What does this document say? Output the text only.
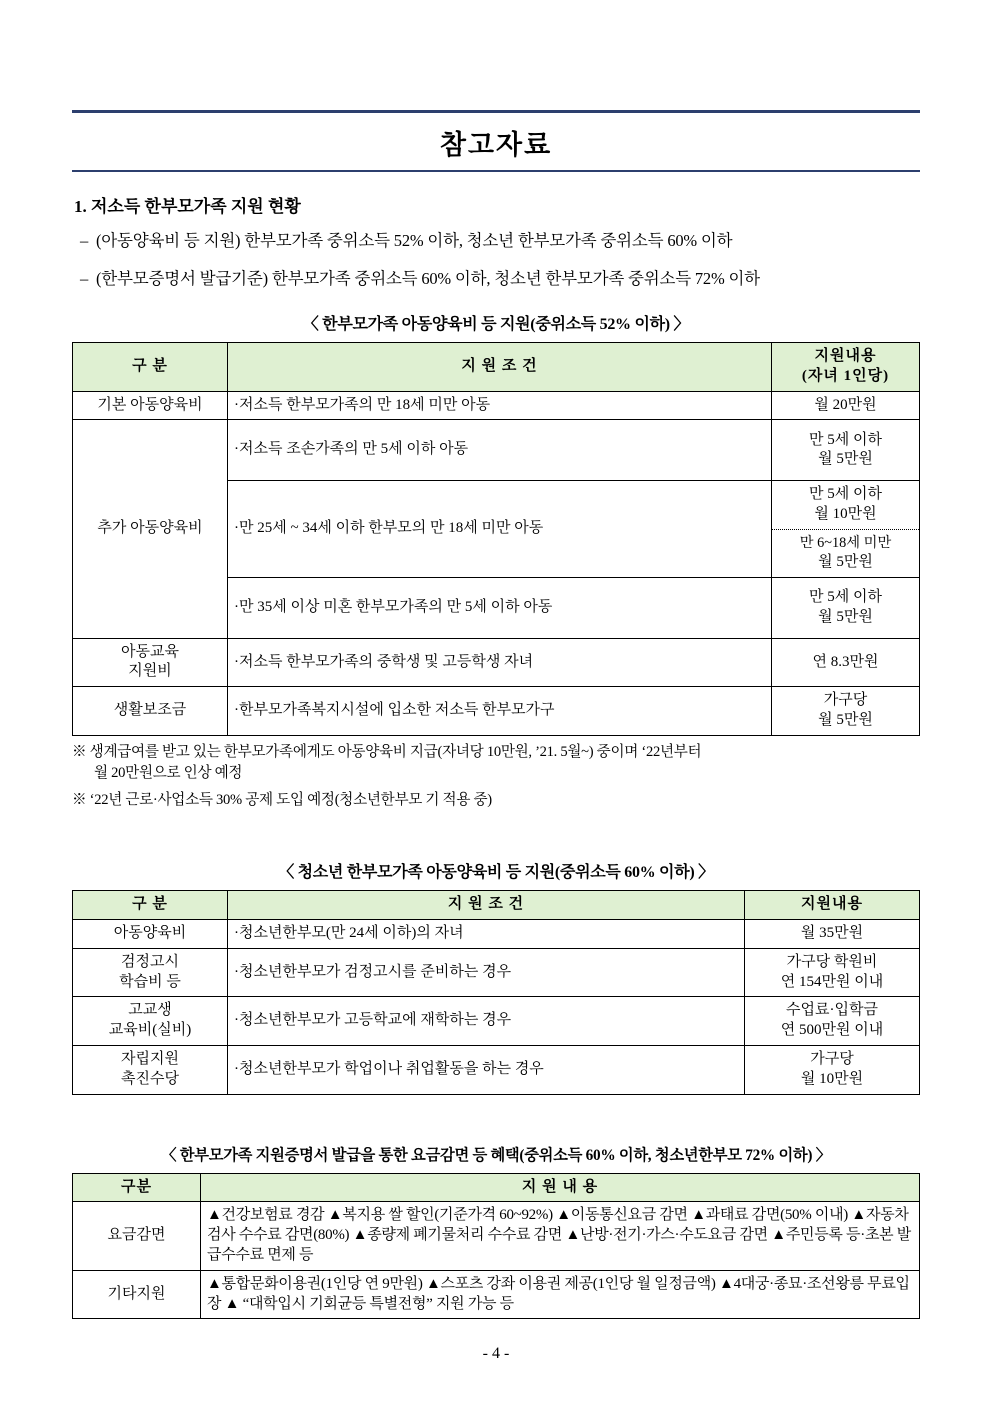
참고자료
1. 저소득 한부모가족 지원 현황
– (아동양육비 등 지원) 한부모가족 중위소득 52% 이하, 청소년 한부모가족 중위소득 60% 이하
– (한부모증명서 발급기준) 한부모가족 중위소득 60% 이하, 청소년 한부모가족 중위소득 72% 이하
〈 한부모가족 아동양육비 등 지원(중위소득 52% 이하) 〉
구 분	지 원 조 건	지원내용
(자녀 1인당)

기본 아동양육비	·저소득 한부모가족의 만 18세 미만 아동	월 20만원
추가 아동양육비	·저소득 조손가족의 만 5세 이하 아동	만 5세 이하
월 5만원

	·만 25세 ~ 34세 이하 한부모의 만 18세 미만 아동	만 5세 이하
월 10만원

		만 6~18세 미만
월 5만원

	·만 35세 이상 미혼 한부모가족의 만 5세 이하 아동	만 5세 이하
월 5만원

아동교육
지원비	·저소득 한부모가족의 중학생 및 고등학생 자녀	연 8.3만원
생활보조금	·한부모가족복지시설에 입소한 저소득 한부모가구	가구당
월 5만원
※ 생계급여를 받고 있는 한부모가족에게도 아동양육비 지급(자녀당 10만원, ’21. 5월~) 중이며 ‘22년부터
월 20만원으로 인상 예정
※ ‘22년 근로·사업소득 30% 공제 도입 예정(청소년한부모 기 적용 중)
〈 청소년 한부모가족 아동양육비 등 지원(중위소득 60% 이하) 〉
구 분	지 원 조 건	지원내용

아동양육비	·청소년한부모(만 24세 이하)의 자녀	월 35만원

검정고시
학습비 등
	·청소년한부모가 검정고시를 준비하는 경우	
가구당 학원비
연 154만원 이내

고교생
교육비(실비)
	·청소년한부모가 고등학교에 재학하는 경우	
수업료·입학금
연 500만원 이내

자립지원
촉진수당
	·청소년한부모가 학업이나 취업활동을 하는 경우	
가구당
월 10만원
〈 한부모가족 지원증명서 발급을 통한 요금감면 등 혜택(중위소득 60% 이하, 청소년한부모 72% 이하) 〉
구분	지 원 내 용
요금감면	▲건강보험료 경감 ▲복지용 쌀 할인(기준가격 60~92%) ▲이동통신요금 감면 ▲과태료 감면(50% 이내) ▲자동차검사 수수료 감면(80%) ▲종량제 폐기물처리 수수료 감면 ▲난방·전기·가스·수도요금 감면 ▲주민등록 등·초본 발급수수료 면제 등
기타지원	▲통합문화이용권(1인당 연 9만원) ▲스포츠 강좌 이용권 제공(1인당 월 일정금액) ▲4대궁·종묘·조선왕릉 무료입장 ▲ “대학입시 기회균등 특별전형” 지원 가능 등
- 4 -
